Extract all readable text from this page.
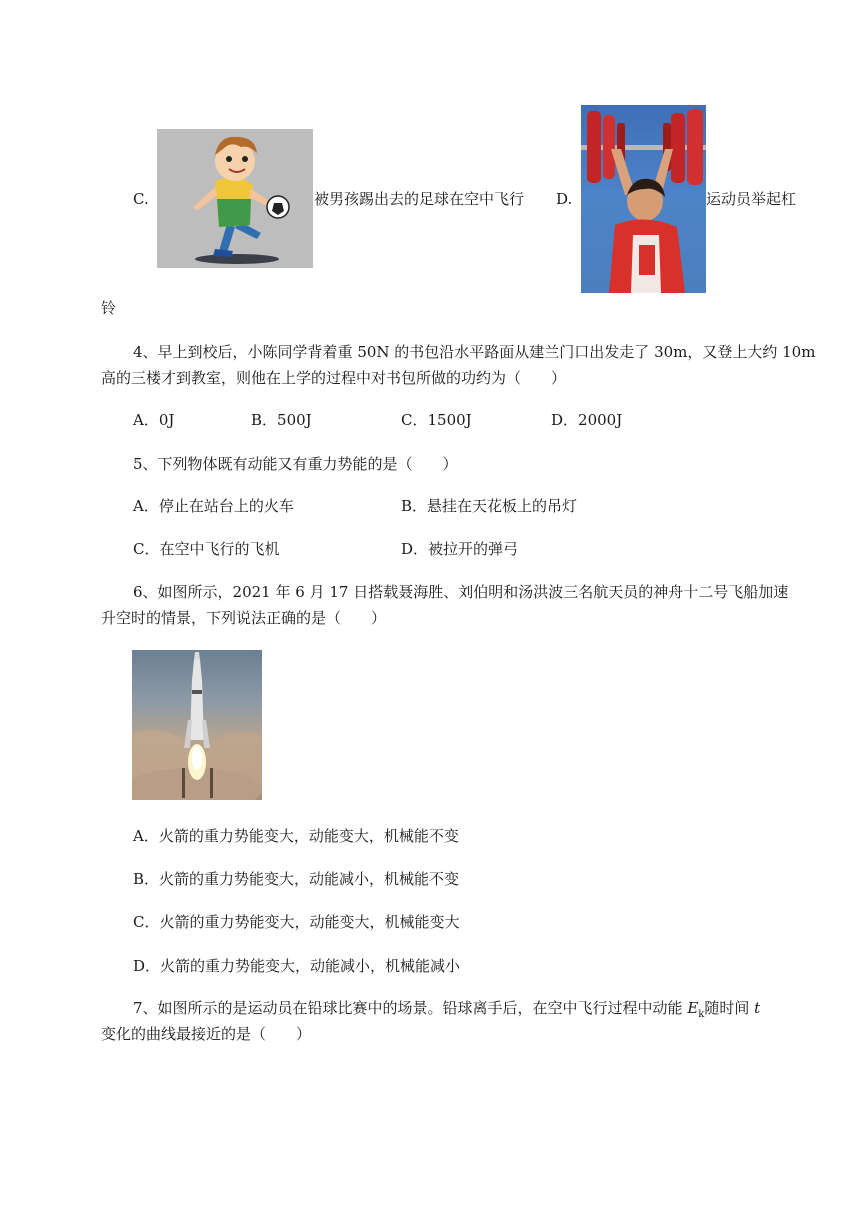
C.	被男孩踢出去的足球在空中飞行 D.	运动员举起杠
铃
4、早上到校后，小陈同学背着重 50N 的书包沿水平路面从建兰门口出发走了 30m，又登上大约 10m
高的三楼才到教室，则他在上学的过程中对书包所做的功约为（　　）
A．0J	B．500J	C．1500J	D．2000J
5、下列物体既有动能又有重力势能的是（　　）
A．停止在站台上的火车	B．悬挂在天花板上的吊灯
C．在空中飞行的飞机	D．被拉开的弹弓
6、如图所示，2021 年 6 月 17 日搭载聂海胜、刘伯明和汤洪波三名航天员的神舟十二号飞船加速
升空时的情景，下列说法正确的是（　　）
A．火箭的重力势能变大，动能变大，机械能不变
B．火箭的重力势能变大，动能减小，机械能不变
C．火箭的重力势能变大，动能变大，机械能变大
D．火箭的重力势能变大，动能减小，机械能减小
7、如图所示的是运动员在铅球比赛中的场景。铅球离手后，在空中飞行过程中动能 $E_k$随时间 t
变化的曲线最接近的是（　　）
